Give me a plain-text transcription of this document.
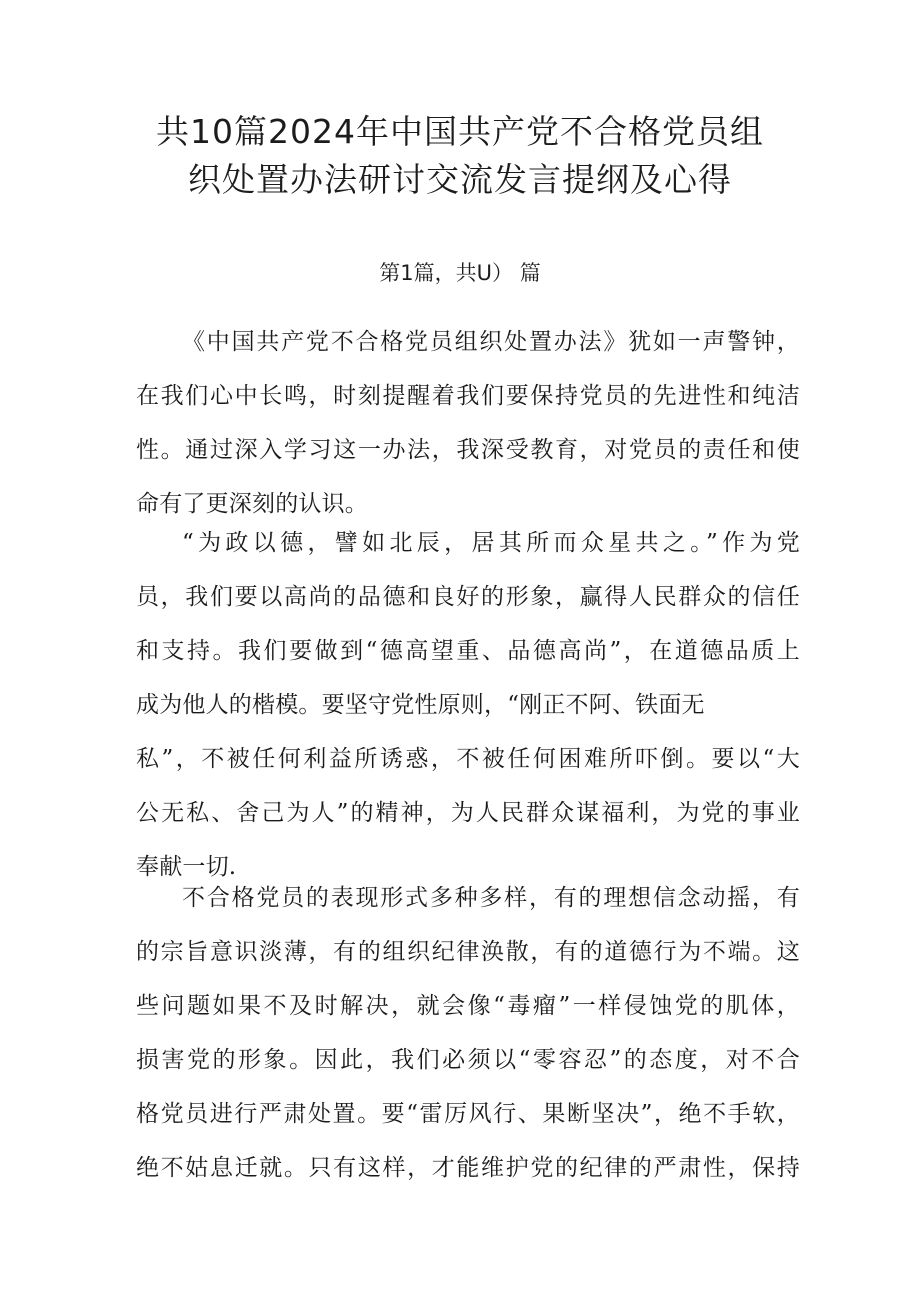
共10篇2024年中国共产党不合格党员组
织处置办法研讨交流发言提纲及心得
第1篇，共U） 篇
《中国共产党不合格党员组织处置办法》犹如一声警钟，
在我们心中长鸣，时刻提醒着我们要保持党员的先进性和纯洁
性。通过深入学习这一办法，我深受教育，对党员的责任和使
命有了更深刻的认识。
“为政以德，譬如北辰，居其所而众星共之。”作为党
员，我们要以高尚的品德和良好的形象，赢得人民群众的信任
和支持。我们要做到“德高望重、品德高尚”，在道德品质上
成为他人的楷模。要坚守党性原则，“刚正不阿、铁面无
私”，不被任何利益所诱惑，不被任何困难所吓倒。要以“大
公无私、舍己为人”的精神，为人民群众谋福利，为党的事业
奉献一切.
不合格党员的表现形式多种多样，有的理想信念动摇，有
的宗旨意识淡薄，有的组织纪律涣散，有的道德行为不端。这
些问题如果不及时解决，就会像“毒瘤”一样侵蚀党的肌体，
损害党的形象。因此，我们必须以“零容忍”的态度，对不合
格党员进行严肃处置。要“雷厉风行、果断坚决”，绝不手软，
绝不姑息迁就。只有这样，才能维护党的纪律的严肃性，保持
